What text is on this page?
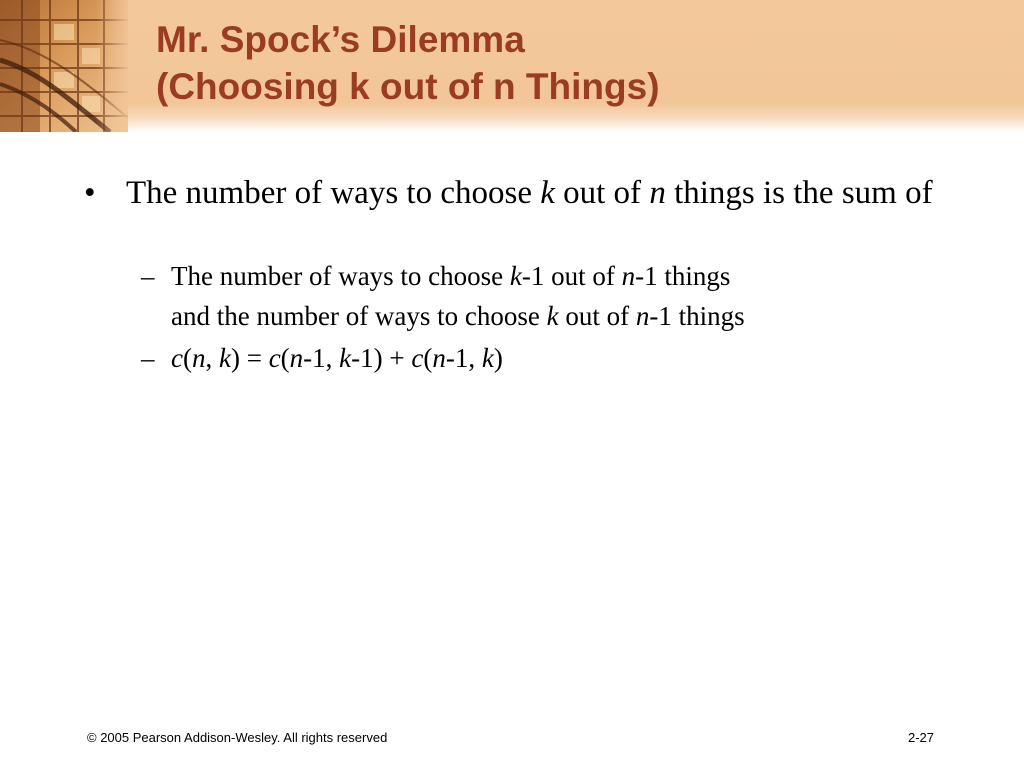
Mr. Spock’s Dilemma
(Choosing k out of n Things)
• The number of ways to choose k out of n things is the sum of
– The number of ways to choose k-1 out of n-1 things
and the number of ways to choose k out of n-1 things
– c(n, k) = c(n-1, k-1) + c(n-1, k)
© 2005 Pearson Addison-Wesley. All rights reserved	2-27
